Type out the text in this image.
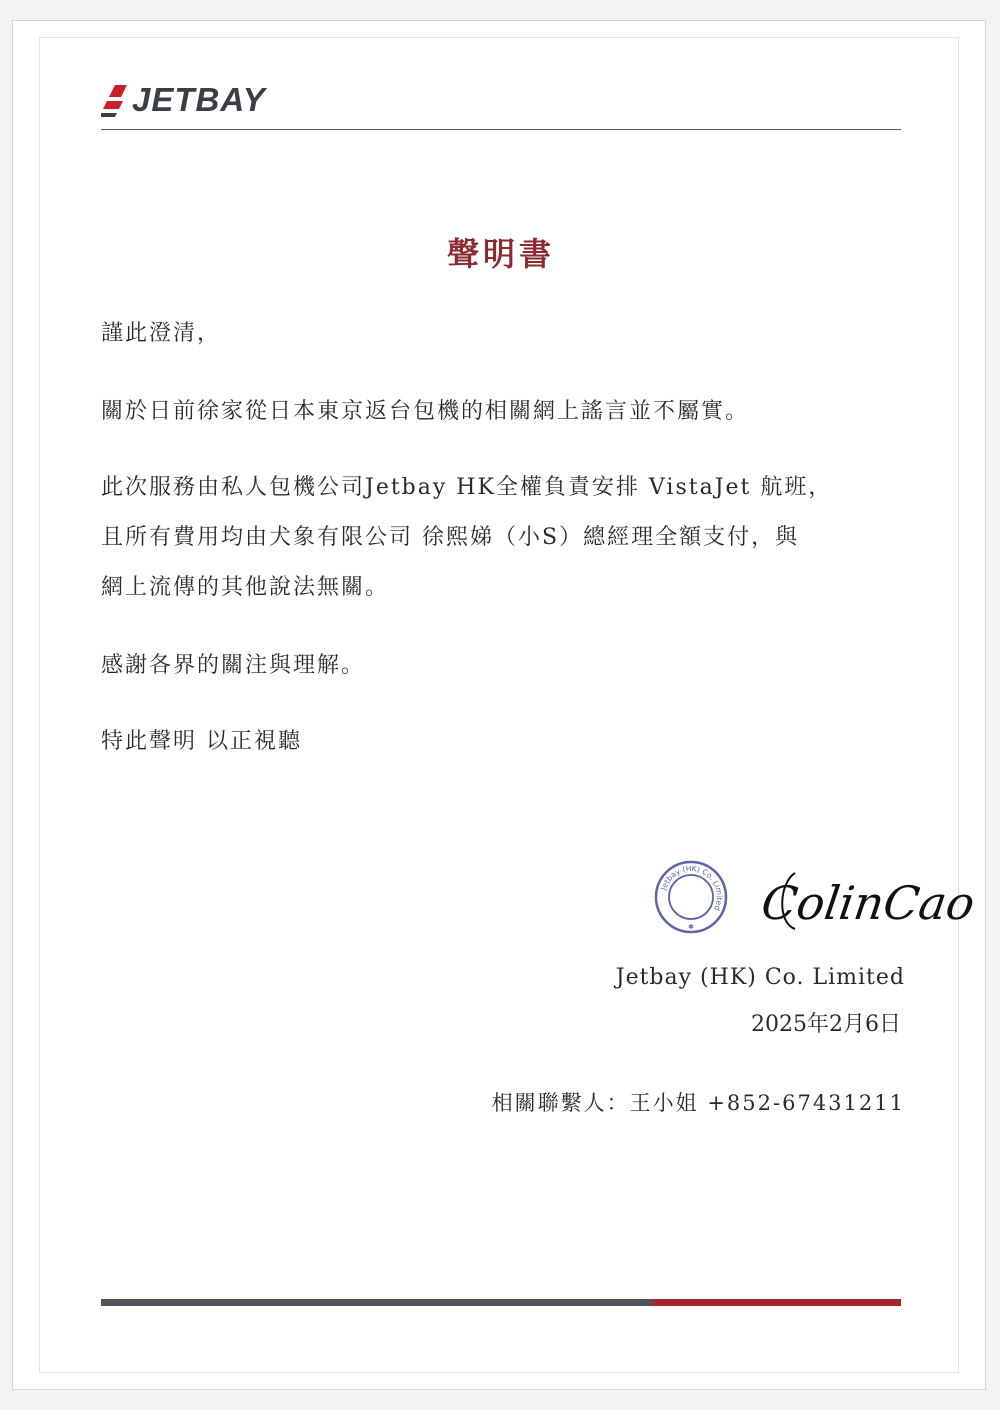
JETBAY
聲明書
謹此澄清，
關於日前徐家從日本東京返台包機的相關網上謠言並不屬實。
此次服務由私人包機公司Jetbay HK全權負責安排 VistaJet 航班，
且所有費用均由犬象有限公司 徐熙娣（小S）總經理全額支付，與
網上流傳的其他說法無關。
感謝各界的關注與理解。
特此聲明 以正視聽
Jetbay (HK) Co. Limited
✱ ColinCao
Jetbay (HK) Co. Limited
2025年2月6日
相關聯繫人：王小姐 +852-67431211
